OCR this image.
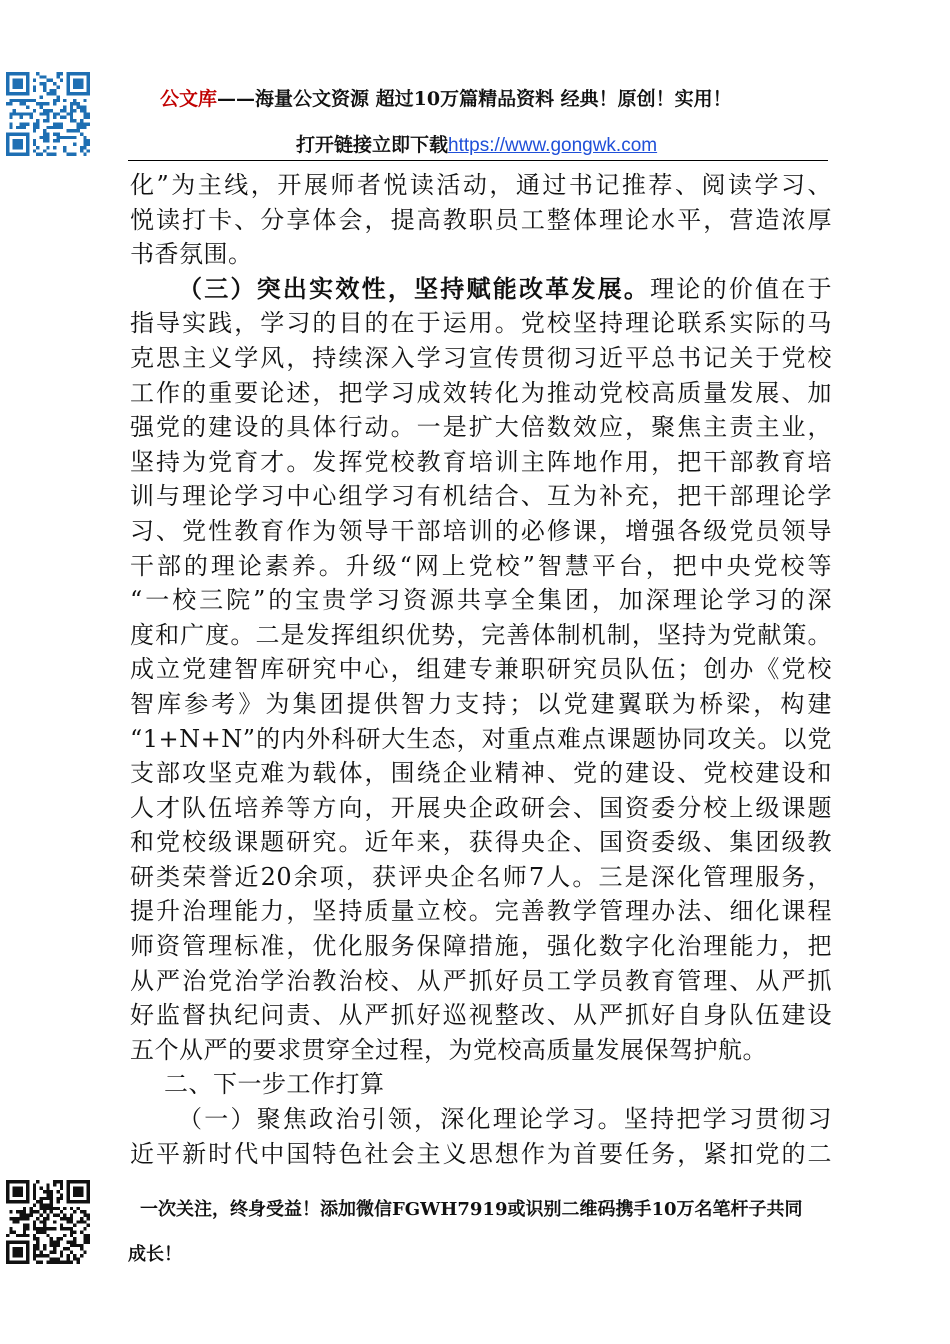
公文库——海量公文资源 超过10万篇精品资料 经典！原创！实用！
打开链接立即下载https://www.gongwk.com
化”为主线，开展师者悦读活动，通过书记推荐、阅读学习、
悦读打卡、分享体会，提高教职员工整体理论水平，营造浓厚
书香氛围。
（三）突出实效性，坚持赋能改革发展。理论的价值在于
指导实践，学习的目的在于运用。党校坚持理论联系实际的马
克思主义学风，持续深入学习宣传贯彻习近平总书记关于党校
工作的重要论述，把学习成效转化为推动党校高质量发展、加
强党的建设的具体行动。一是扩大倍数效应，聚焦主责主业，
坚持为党育才。发挥党校教育培训主阵地作用，把干部教育培
训与理论学习中心组学习有机结合、互为补充，把干部理论学
习、党性教育作为领导干部培训的必修课，增强各级党员领导
干部的理论素养。升级“网上党校”智慧平台，把中央党校等
“一校三院”的宝贵学习资源共享全集团，加深理论学习的深
度和广度。二是发挥组织优势，完善体制机制，坚持为党献策。
成立党建智库研究中心，组建专兼职研究员队伍；创办《党校
智库参考》为集团提供智力支持；以党建翼联为桥梁，构建
“1+N+N”的内外科研大生态，对重点难点课题协同攻关。以党
支部攻坚克难为载体，围绕企业精神、党的建设、党校建设和
人才队伍培养等方向，开展央企政研会、国资委分校上级课题
和党校级课题研究。近年来，获得央企、国资委级、集团级教
研类荣誉近20余项，获评央企名师7人。三是深化管理服务，
提升治理能力，坚持质量立校。完善教学管理办法、细化课程
师资管理标准，优化服务保障措施，强化数字化治理能力，把
从严治党治学治教治校、从严抓好员工学员教育管理、从严抓
好监督执纪问责、从严抓好巡视整改、从严抓好自身队伍建设
五个从严的要求贯穿全过程，为党校高质量发展保驾护航。
二、下一步工作打算
（一）聚焦政治引领，深化理论学习。坚持把学习贯彻习
近平新时代中国特色社会主义思想作为首要任务，紧扣党的二
一次关注，终身受益！添加微信FGWH7919或识别二维码携手10万名笔杆子共同
成长！
